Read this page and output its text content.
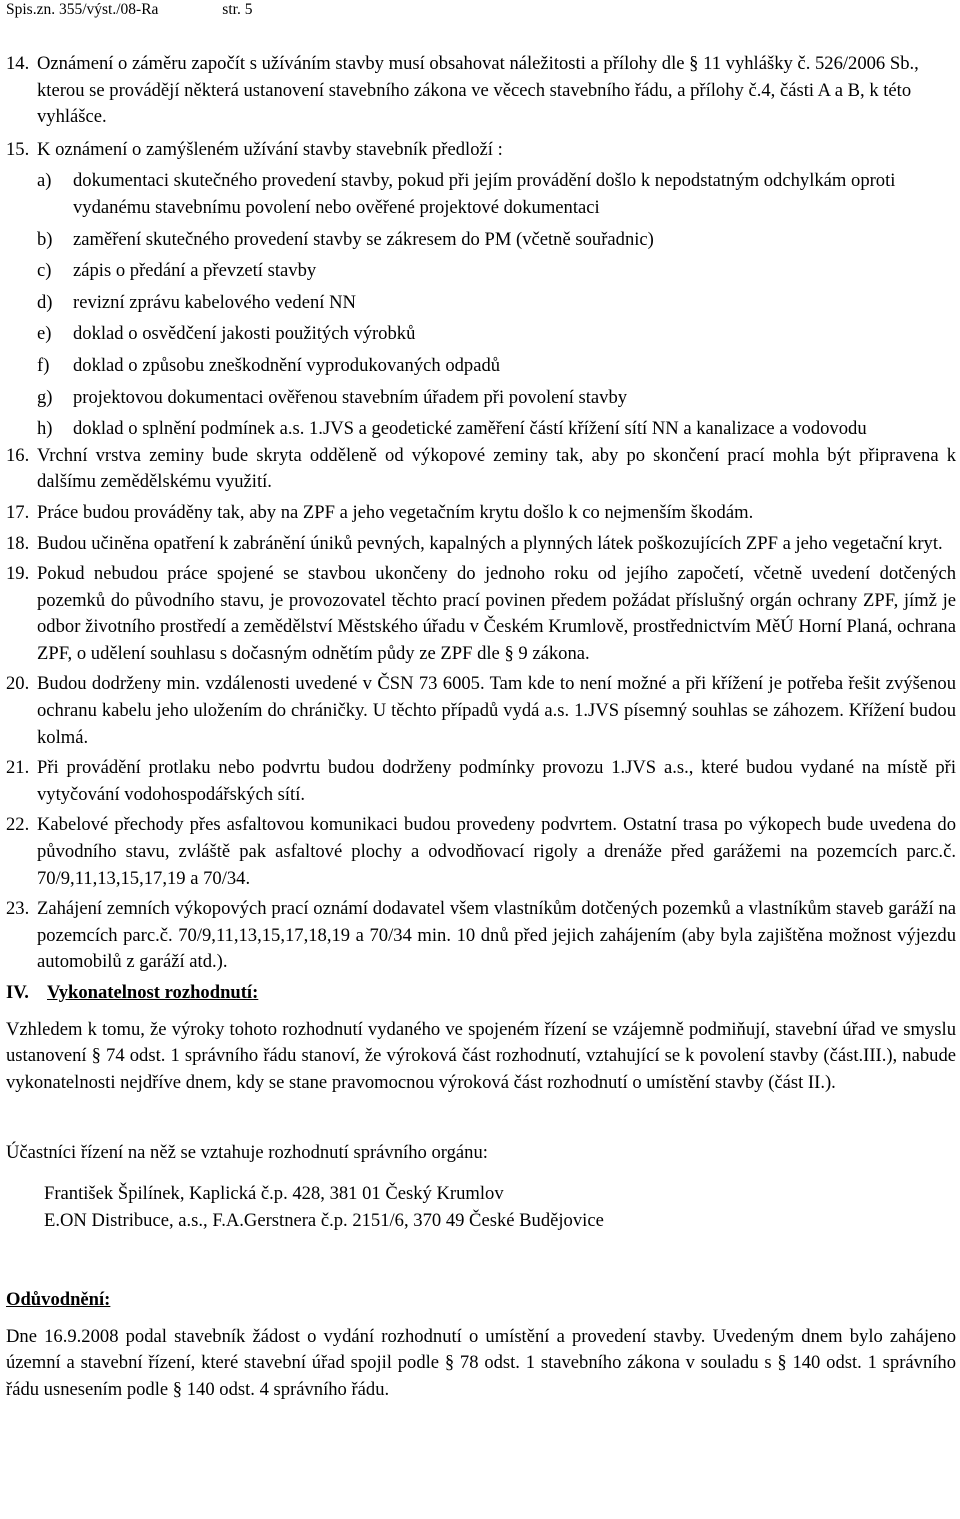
Spis.zn. 355/výst./08-Ra	str. 5
14. Oznámení o záměru započít s užíváním stavby musí obsahovat náležitosti a přílohy dle § 11 vyhlášky č. 526/2006 Sb., kterou se provádějí některá ustanovení stavebního zákona ve věcech stavebního řádu, a přílohy č.4, části A a B, k této vyhlášce.
15. K oznámení o zamýšleném užívání stavby stavebník předloží :
a)	dokumentaci skutečného provedení stavby, pokud při jejím provádění došlo k nepodstatným odchylkám oproti vydanému stavebnímu povolení nebo ověřené projektové dokumentaci
b)	zaměření skutečného provedení stavby se zákresem do PM (včetně souřadnic)
c)	zápis o předání a převzetí stavby
d)	revizní zprávu kabelového vedení NN
e)	doklad o osvědčení jakosti použitých výrobků
f)	doklad o způsobu zneškodnění vyprodukovaných odpadů
g)	projektovou dokumentaci ověřenou stavebním úřadem při povolení stavby
h)	doklad o splnění podmínek a.s. 1.JVS a geodetické zaměření částí křížení sítí NN a kanalizace a vodovodu
16. Vrchní vrstva zeminy bude skryta odděleně od výkopové zeminy tak, aby po skončení prací mohla být připravena k dalšímu zemědělskému využití.
17. Práce budou prováděny tak, aby na ZPF a jeho vegetačním krytu došlo k co nejmenším škodám.
18. Budou učiněna opatření k zabránění úniků pevných, kapalných a plynných látek poškozujících ZPF a jeho vegetační kryt.
19. Pokud nebudou práce spojené se stavbou ukončeny do jednoho roku od jejího započetí, včetně uvedení dotčených pozemků do původního stavu, je provozovatel těchto prací povinen předem požádat příslušný orgán ochrany ZPF, jímž je odbor životního prostředí a zemědělství Městského úřadu v Českém Krumlově, prostřednictvím MěÚ Horní Planá, ochrana ZPF, o udělení souhlasu s dočasným odnětím půdy ze ZPF dle § 9 zákona.
20. Budou dodrženy min. vzdálenosti uvedené v ČSN 73 6005. Tam kde to není možné a při křížení je potřeba řešit zvýšenou ochranu kabelu jeho uložením do chráničky. U těchto případů vydá a.s. 1.JVS písemný souhlas se záhozem. Křížení budou kolmá.
21. Při provádění protlaku nebo podvrtu budou dodrženy podmínky provozu 1.JVS a.s., které budou vydané na místě při vytyčování vodohospodářských sítí.
22. Kabelové přechody přes asfaltovou komunikaci budou provedeny podvrtem. Ostatní trasa po výkopech bude uvedena do původního stavu, zvláště pak asfaltové plochy a odvodňovací rigoly a drenáže před garážemi na pozemcích parc.č. 70/9,11,13,15,17,19 a 70/34.
23. Zahájení zemních výkopových prací oznámí dodavatel všem vlastníkům dotčených pozemků a vlastníkům staveb garáží na pozemcích parc.č. 70/9,11,13,15,17,18,19 a 70/34 min. 10 dnů před jejich zahájením (aby byla zajištěna možnost výjezdu automobilů z garáží atd.).
IV. Vykonatelnost rozhodnutí:
Vzhledem k tomu, že výroky tohoto rozhodnutí vydaného ve spojeném řízení se vzájemně podmiňují, stavební úřad ve smyslu ustanovení § 74 odst. 1 správního řádu stanoví, že výroková část rozhodnutí, vztahující se k povolení stavby (část.III.), nabude vykonatelnosti nejdříve dnem, kdy se stane pravomocnou výroková část rozhodnutí o umístění stavby (část II.).
Účastníci řízení na něž se vztahuje rozhodnutí správního orgánu:
František Špilínek, Kaplická č.p. 428, 381 01 Český Krumlov
E.ON Distribuce, a.s., F.A.Gerstnera č.p. 2151/6, 370 49 České Budějovice
Odůvodnění:
Dne 16.9.2008 podal stavebník žádost o vydání rozhodnutí o umístění a provedení stavby. Uvedeným dnem bylo zahájeno územní a stavební řízení, které stavební úřad spojil podle § 78 odst. 1 stavebního zákona v souladu s § 140 odst. 1 správního řádu usnesením podle § 140 odst. 4 správního řádu.
